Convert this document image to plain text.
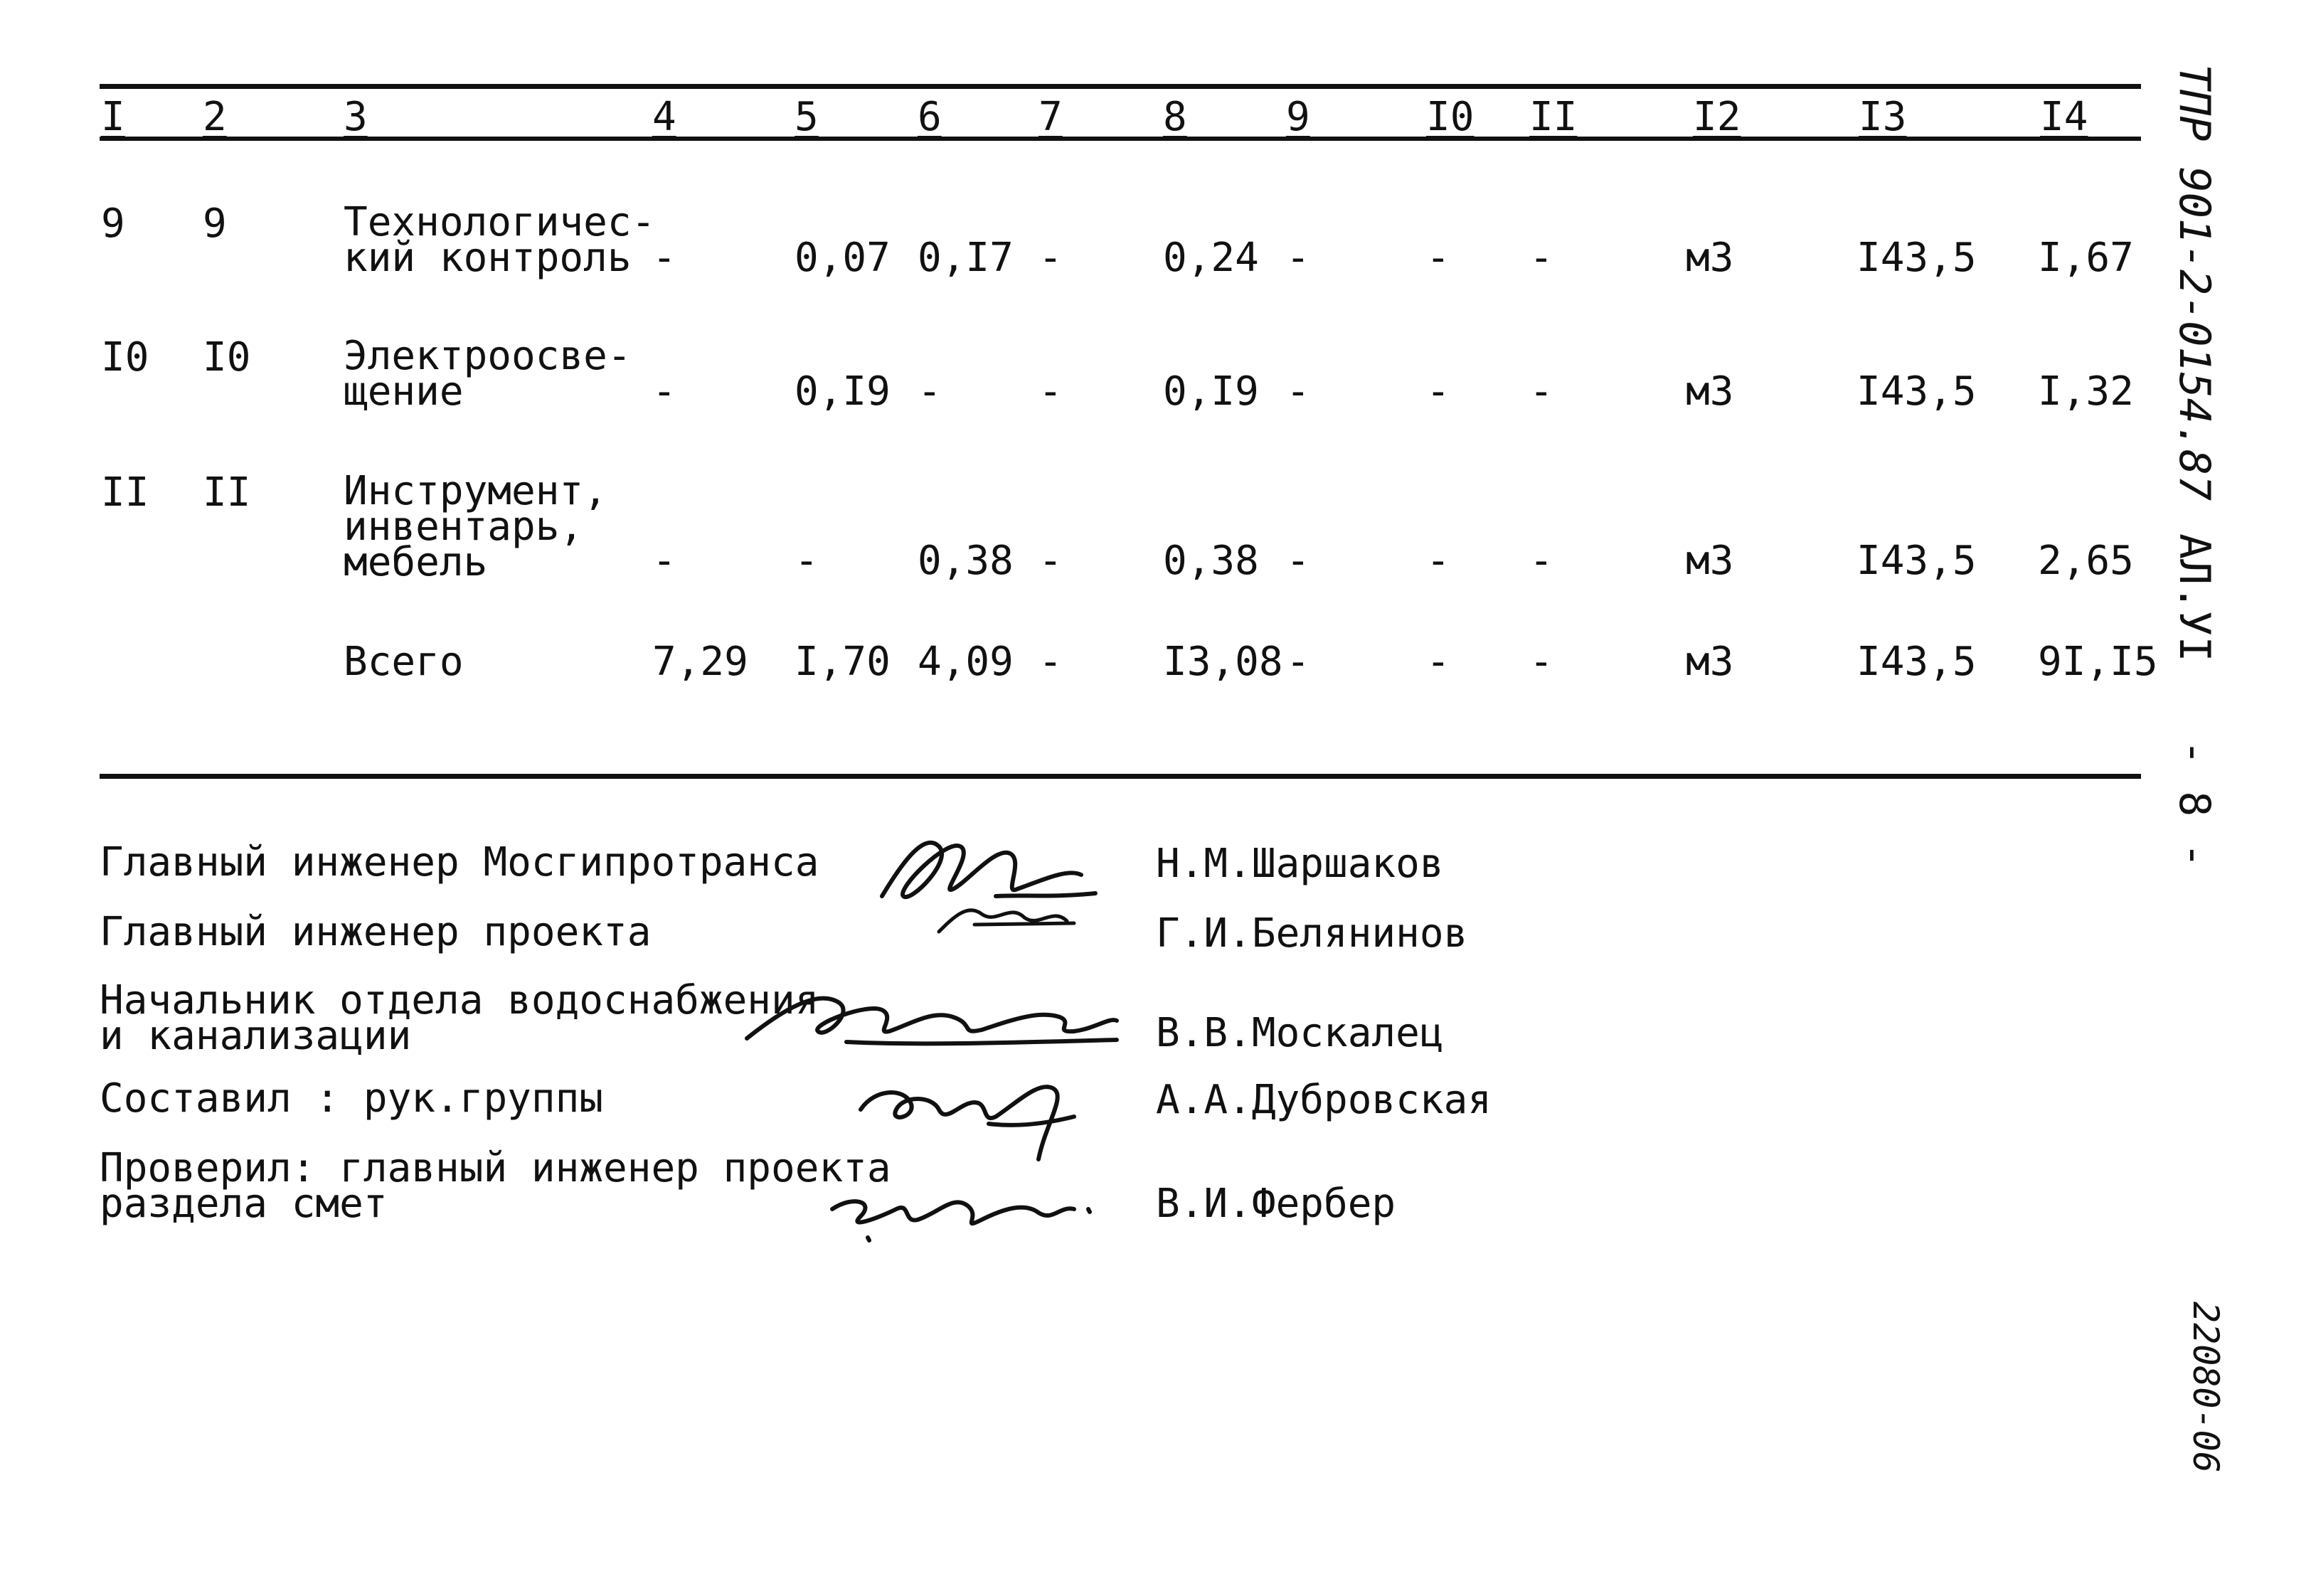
I 2	3	4	5 6 7	8 9	I0 II	I2	I3	I4
9 9	Технологичес-
кий контроль -	0,07 0,I7 -	0,24 -	- -	м3	I43,5 I,67
I0 I0 Электроосве-
щение	-	0,I9 - -	0,I9 -	- -	м3	I43,5 I,32
II II Инструмент,
инвентарь,
мебель	-	- 0,38 -	0,38 -	- -	м3	I43,5 2,65
Всего	7,29 I,70 4,09 -	I3,08 -	- -	м3	I43,5 9I,I5
Главный инженер Мосгипротранса	Н.М.Шаршаков
Главный инженер проекта	Г.И.Белянинов
Начальник отдела водоснабжения
и канализации	В.В.Москалец
Составил : рук.группы	А.А.Дубровская
Проверил: главный инженер проекта
раздела смет	В.И.Фербер
ТПР 901-2-0154.87
АЛ.УI
- 8 -
22080-06
